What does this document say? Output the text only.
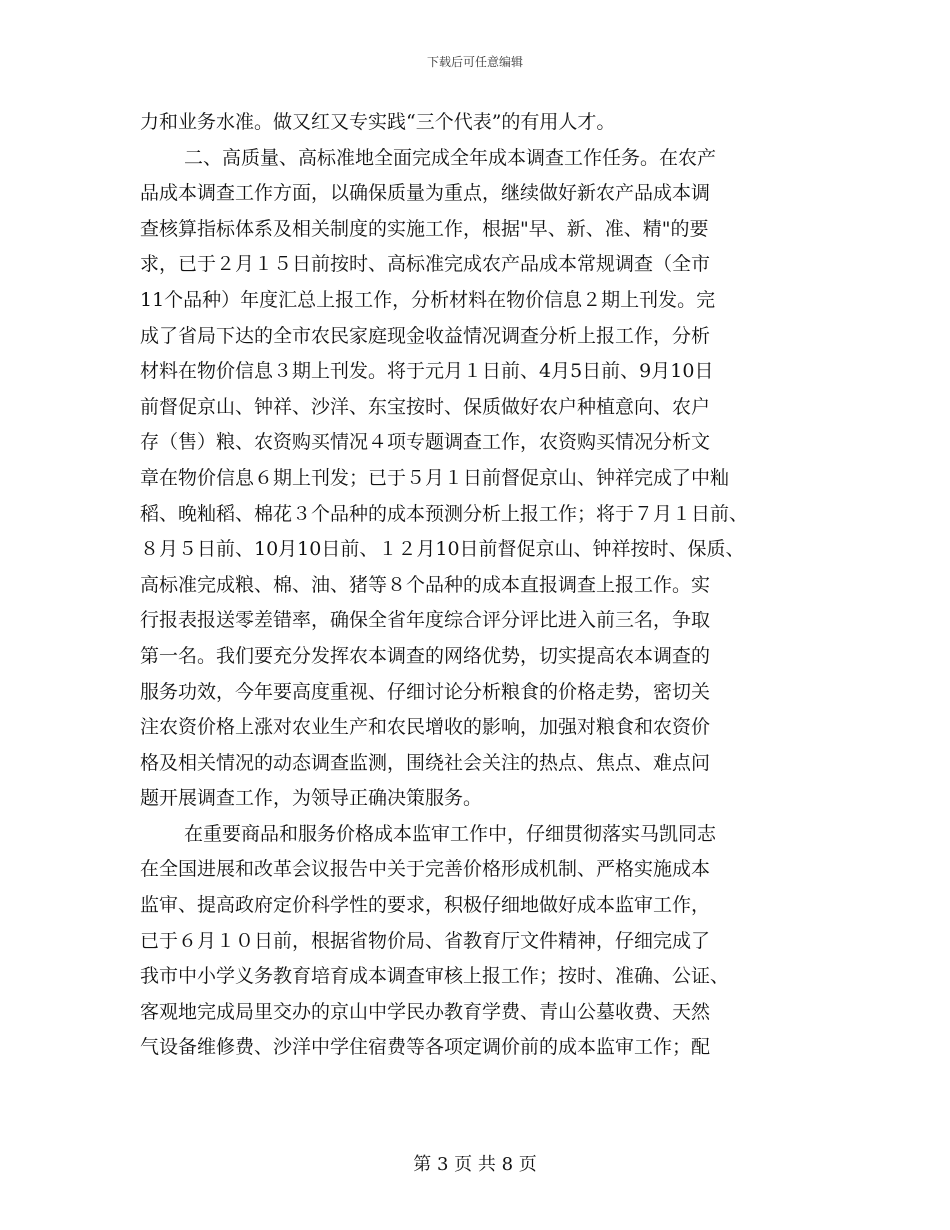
下载后可任意编辑
力和业务水准。做又红又专实践“三个代表”的有用人才。
二、高质量、高标准地全面完成全年成本调查工作任务。在农产
品成本调查工作方面，以确保质量为重点，继续做好新农产品成本调
查核算指标体系及相关制度的实施工作，根据"早、新、准、精"的要
求，已于２月１５日前按时、高标准完成农产品成本常规调查（全市
11个品种）年度汇总上报工作，分析材料在物价信息２期上刊发。完
成了省局下达的全市农民家庭现金收益情况调查分析上报工作，分析
材料在物价信息３期上刊发。将于元月１日前、4月5日前、9月10日
前督促京山、钟祥、沙洋、东宝按时、保质做好农户种植意向、农户
存（售）粮、农资购买情况４项专题调查工作，农资购买情况分析文
章在物价信息６期上刊发；已于５月１日前督促京山、钟祥完成了中籼
稻、晚籼稻、棉花３个品种的成本预测分析上报工作；将于７月１日前、
８月５日前、10月10日前、１２月10日前督促京山、钟祥按时、保质、
高标准完成粮、棉、油、猪等８个品种的成本直报调查上报工作。实
行报表报送零差错率，确保全省年度综合评分评比进入前三名，争取
第一名。我们要充分发挥农本调查的网络优势，切实提高农本调查的
服务功效，今年要高度重视、仔细讨论分析粮食的价格走势，密切关
注农资价格上涨对农业生产和农民增收的影响，加强对粮食和农资价
格及相关情况的动态调查监测，围绕社会关注的热点、焦点、难点问
题开展调查工作，为领导正确决策服务。
在重要商品和服务价格成本监审工作中，仔细贯彻落实马凯同志
在全国进展和改革会议报告中关于完善价格形成机制、严格实施成本
监审、提高政府定价科学性的要求，积极仔细地做好成本监审工作，
已于６月１０日前，根据省物价局、省教育厅文件精神，仔细完成了
我市中小学义务教育培育成本调查审核上报工作；按时、准确、公证、
客观地完成局里交办的京山中学民办教育学费、青山公墓收费、天然
气设备维修费、沙洋中学住宿费等各项定调价前的成本监审工作；配
第 3 页 共 8 页
